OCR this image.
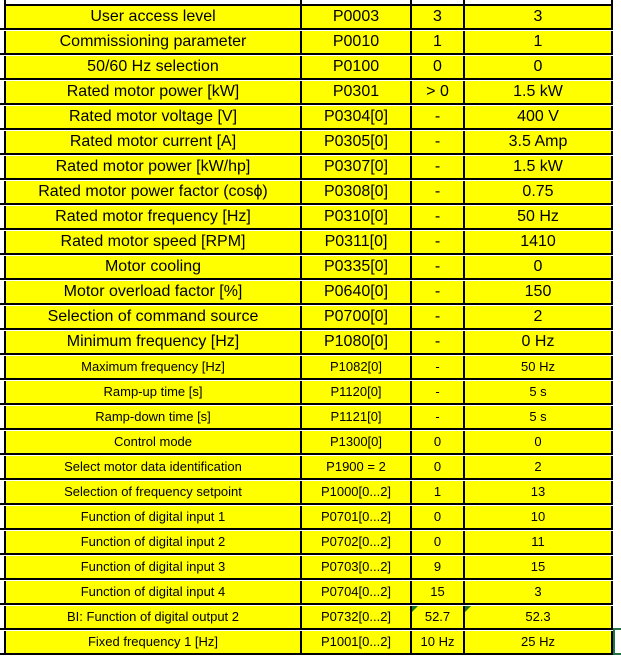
User access level	P0003	3	3
Commissioning parameter	P0010	1	1
50/60 Hz selection	P0100	0	0
Rated motor power [kW]	P0301	> 0	1.5 kW
Rated motor voltage [V]	P0304[0]	-	400 V
Rated motor current [A]	P0305[0]	-	3.5 Amp
Rated motor power [kW/hp]	P0307[0]	-	1.5 kW
Rated motor power factor (cosϕ)	P0308[0]	-	0.75
Rated motor frequency [Hz]	P0310[0]	-	50 Hz
Rated motor speed [RPM]	P0311[0]	-	1410
Motor cooling	P0335[0]	-	0
Motor overload factor [%]	P0640[0]	-	150
Selection of command source	P0700[0]	-	2
Minimum frequency [Hz]	P1080[0]	-	0 Hz
Maximum frequency [Hz]	P1082[0]	-	50 Hz
Ramp-up time [s]	P1120[0]	-	5 s
Ramp-down time [s]	P1121[0]	-	5 s
Control mode	P1300[0]	0	0
Select motor data identification	P1900 = 2	0	2
Selection of frequency setpoint	P1000[0...2]	1	13
Function of digital input 1	P0701[0...2]	0	10
Function of digital input 2	P0702[0...2]	0	11
Function of digital input 3	P0703[0...2]	9	15
Function of digital input 4	P0704[0...2]	15	3
BI: Function of digital output 2	P0732[0...2]	52.7	52.3
Fixed frequency 1 [Hz]	P1001[0...2]	10 Hz	25 Hz
